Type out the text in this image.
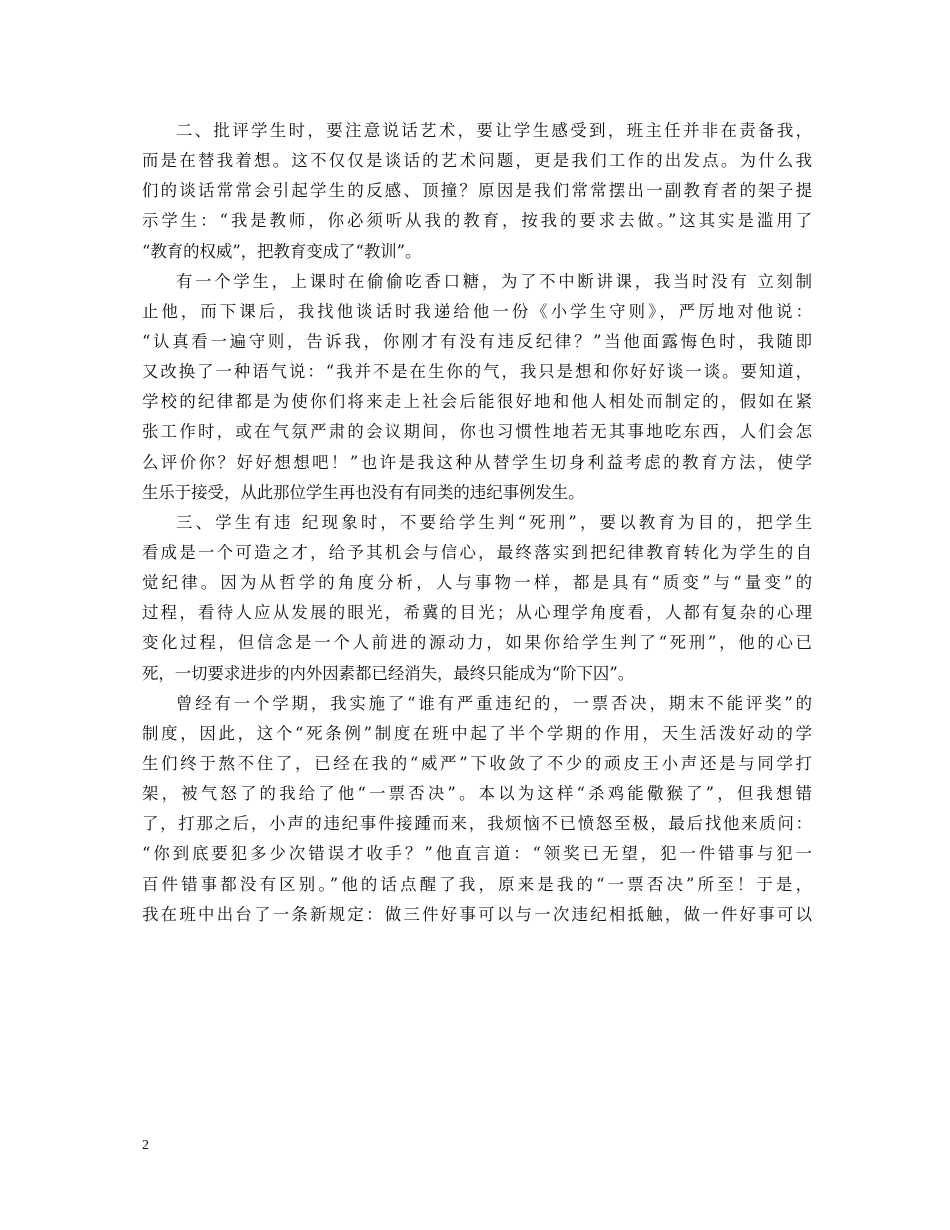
二、批评学生时，要注意说话艺术，要让学生感受到，班主任并非在责备我，
而是在替我着想。这不仅仅是谈话的艺术问题，更是我们工作的出发点。为什么我
们的谈话常常会引起学生的反感、顶撞？原因是我们常常摆出一副教育者的架子提
示学生：“我是教师，你必须听从我的教育，按我的要求去做。”这其实是滥用了
“教育的权威”，把教育变成了“教训”。
有一个学生，上课时在偷偷吃香口糖，为了不中断讲课，我当时没有 立刻制
止他，而下课后，我找他谈话时我递给他一份《小学生守则》，严厉地对他说：
“认真看一遍守则，告诉我，你刚才有没有违反纪律？”当他面露悔色时，我随即
又改换了一种语气说：“我并不是在生你的气，我只是想和你好好谈一谈。要知道，
学校的纪律都是为使你们将来走上社会后能很好地和他人相处而制定的，假如在紧
张工作时，或在气氛严肃的会议期间，你也习惯性地若无其事地吃东西，人们会怎
么评价你？好好想想吧！”也许是我这种从替学生切身利益考虑的教育方法，使学
生乐于接受，从此那位学生再也没有有同类的违纪事例发生。
三、学生有违 纪现象时，不要给学生判“死刑”，要以教育为目的，把学生
看成是一个可造之才，给予其机会与信心，最终落实到把纪律教育转化为学生的自
觉纪律。因为从哲学的角度分析，人与事物一样，都是具有“质变”与“量变”的
过程，看待人应从发展的眼光，希冀的目光；从心理学角度看，人都有复杂的心理
变化过程，但信念是一个人前进的源动力，如果你给学生判了“死刑”，他的心已
死，一切要求进步的内外因素都已经消失，最终只能成为“阶下囚”。
曾经有一个学期，我实施了“谁有严重违纪的，一票否决，期末不能评奖”的
制度，因此，这个“死条例”制度在班中起了半个学期的作用，天生活泼好动的学
生们终于熬不住了，已经在我的“威严”下收敛了不少的顽皮王小声还是与同学打
架，被气怒了的我给了他“一票否决”。本以为这样“杀鸡能儆猴了”，但我想错
了，打那之后，小声的违纪事件接踵而来，我烦恼不已愤怒至极，最后找他来质问：
“你到底要犯多少次错误才收手？”他直言道：“领奖已无望，犯一件错事与犯一
百件错事都没有区别。”他的话点醒了我，原来是我的“一票否决”所至！于是，
我在班中出台了一条新规定：做三件好事可以与一次违纪相抵触，做一件好事可以
2
